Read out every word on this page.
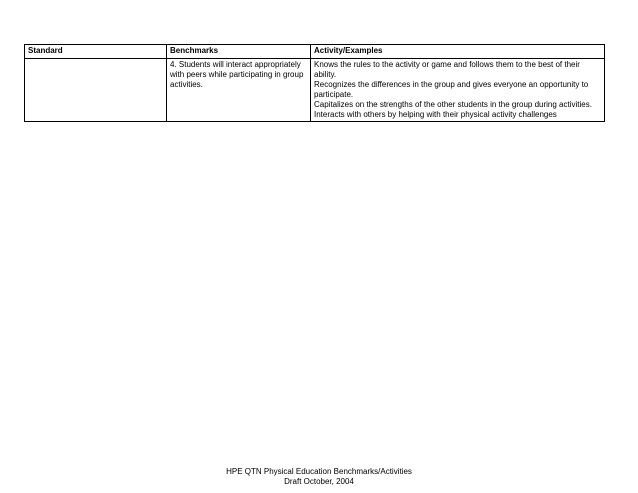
Standard	Benchmarks	Activity/Examples

	4. Students will interact appropriately with peers while participating in group activities.	Knows the rules to the activity or game and follows them to the best of their ability.
Recognizes the differences in the group and gives everyone an opportunity to participate.
Capitalizes on the strengths of the other students in the group during activities.
Interacts with others by helping with their physical activity challenges
HPE QTN Physical Education Benchmarks/Activities
Draft October, 2004
